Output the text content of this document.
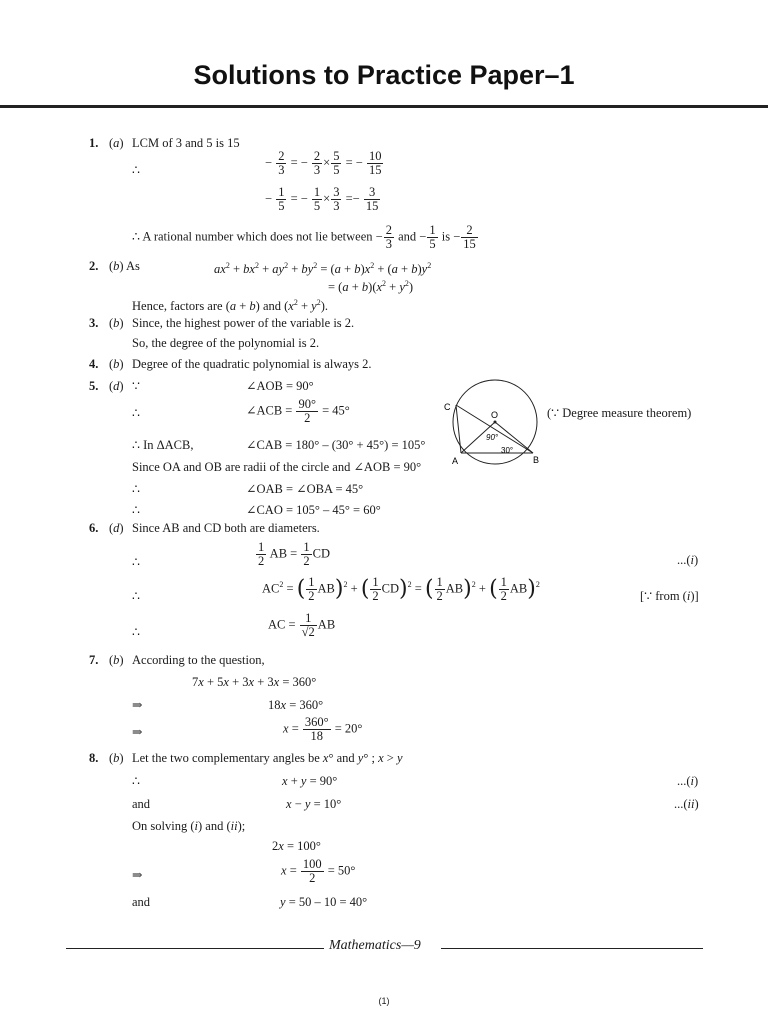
Solutions to Practice Paper–1
1. (a) LCM of 3 and 5 is 15
∴
− $\frac{2}{3}$ = − $\frac{2}{3} \times \frac{5}{5}$ = − $\frac{10}{15}$
− $\frac{1}{5}$ = − $\frac{1}{5} \times \frac{3}{3} =- \frac{3}{15}$
∴ A rational number which does not lie between − $\frac{2}{3}$ and − $\frac{1}{5}$ is − $\frac{2}{15}$
2. (b) As	$ax^2 + bx^2 + ay^2 + by^2 = (a + b)x^2 + (a + b)y^2$
= $(a + b)(x^2 + y^2)$
Hence, factors are (a + b) and $(x^2 + y^2)$.
3. (b) Since, the highest power of the variable is 2.
So, the degree of the polynomial is 2.
4. (b) Degree of the quadratic polynomial is always 2.
5. (d) ∵	∠AOB = 90°
∴	∠ACB = $\frac{90^\circ}{2} = 45^\circ$
∴ In ΔACB,	∠CAB = 180° – (30° + 45°) = 105°
Since OA and OB are radii of the circle and ∠AOB = 90°
∴	∠OAB = ∠OBA = 45°
∴	∠CAO = 105° – 45° = 60°
(∵ Degree measure theorem)
C
O
A	B
90°
30°
6. (d) Since AB and CD both are diameters.
∴	$\frac{1}{2}$ AB = $\frac{1}{2}$ CD	...(i)
∴
$AC^2$ = ( $\frac{1}{2} AB)^2$ + ( $\frac{1}{2} CD)^2$ = ( $\frac{1}{2} AB)^2$ + ( $\frac{1}{2} AB)^2$
[∵ from (i)]
∴
AC = $\frac{1}{√2}$ AB
7. (b) According to the question,
7x + 5x + 3x + 3x = 360°
⇒	18x = 360°
⇒	$x = \frac{360^\circ}{18} = 20^\circ$
8. (b) Let the two complementary angles be x° and y° ; x > y
∴	x + y = 90°	...(i)
and	x − y = 10°	...(ii)
On solving (i) and (ii);
2x = 100°
⇒	$x = \frac{100}{2} = 50^\circ$
and	y = 50 – 10 = 40°
Mathematics—9
(1)
